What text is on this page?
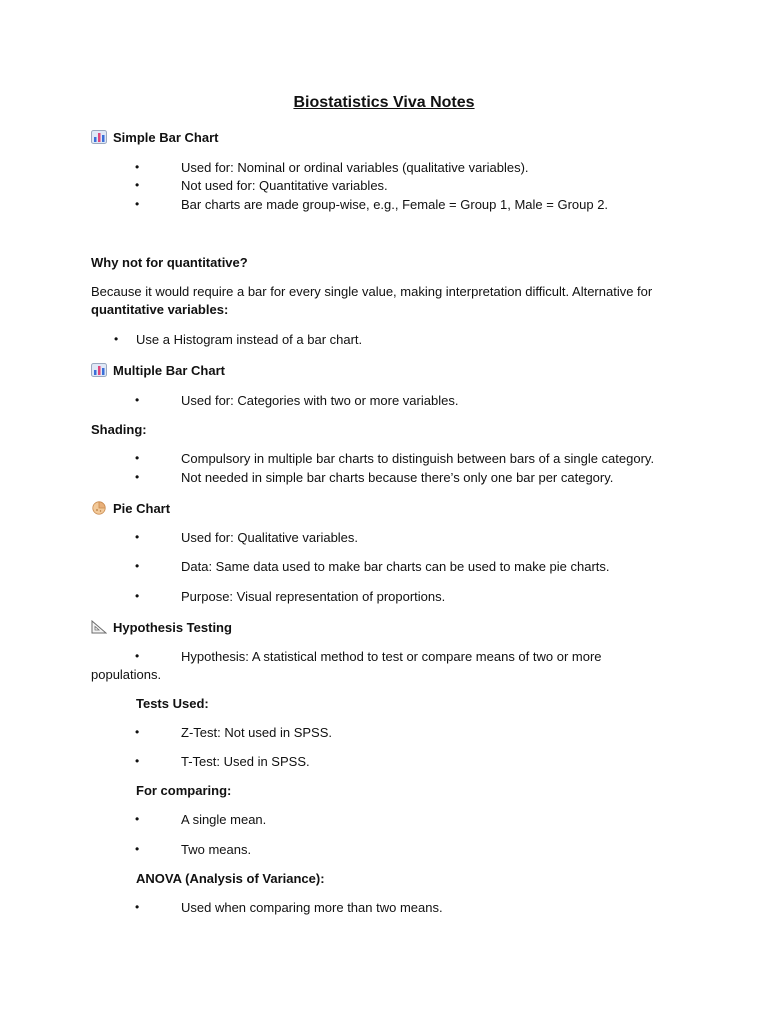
Biostatistics Viva Notes
Simple Bar Chart
•	Used for: Nominal or ordinal variables (qualitative variables).
•	Not used for: Quantitative variables.
•	Bar charts are made group-wise, e.g., Female = Group 1, Male = Group 2.
Why not for quantitative?
Because it would require a bar for every single value, making interpretation difficult. Alternative for
quantitative variables:
• Use a Histogram instead of a bar chart.
Multiple Bar Chart
•	Used for: Categories with two or more variables.
Shading:
•	Compulsory in multiple bar charts to distinguish between bars of a single category.
•	Not needed in simple bar charts because there’s only one bar per category.
Pie Chart
•	Used for: Qualitative variables.
•	Data: Same data used to make bar charts can be used to make pie charts.
•	Purpose: Visual representation of proportions.
Hypothesis Testing
•	Hypothesis: A statistical method to test or compare means of two or more
populations.
Tests Used:
•	Z-Test: Not used in SPSS.
•	T-Test: Used in SPSS.
For comparing:
•	A single mean.
•	Two means.
ANOVA (Analysis of Variance):
•	Used when comparing more than two means.
